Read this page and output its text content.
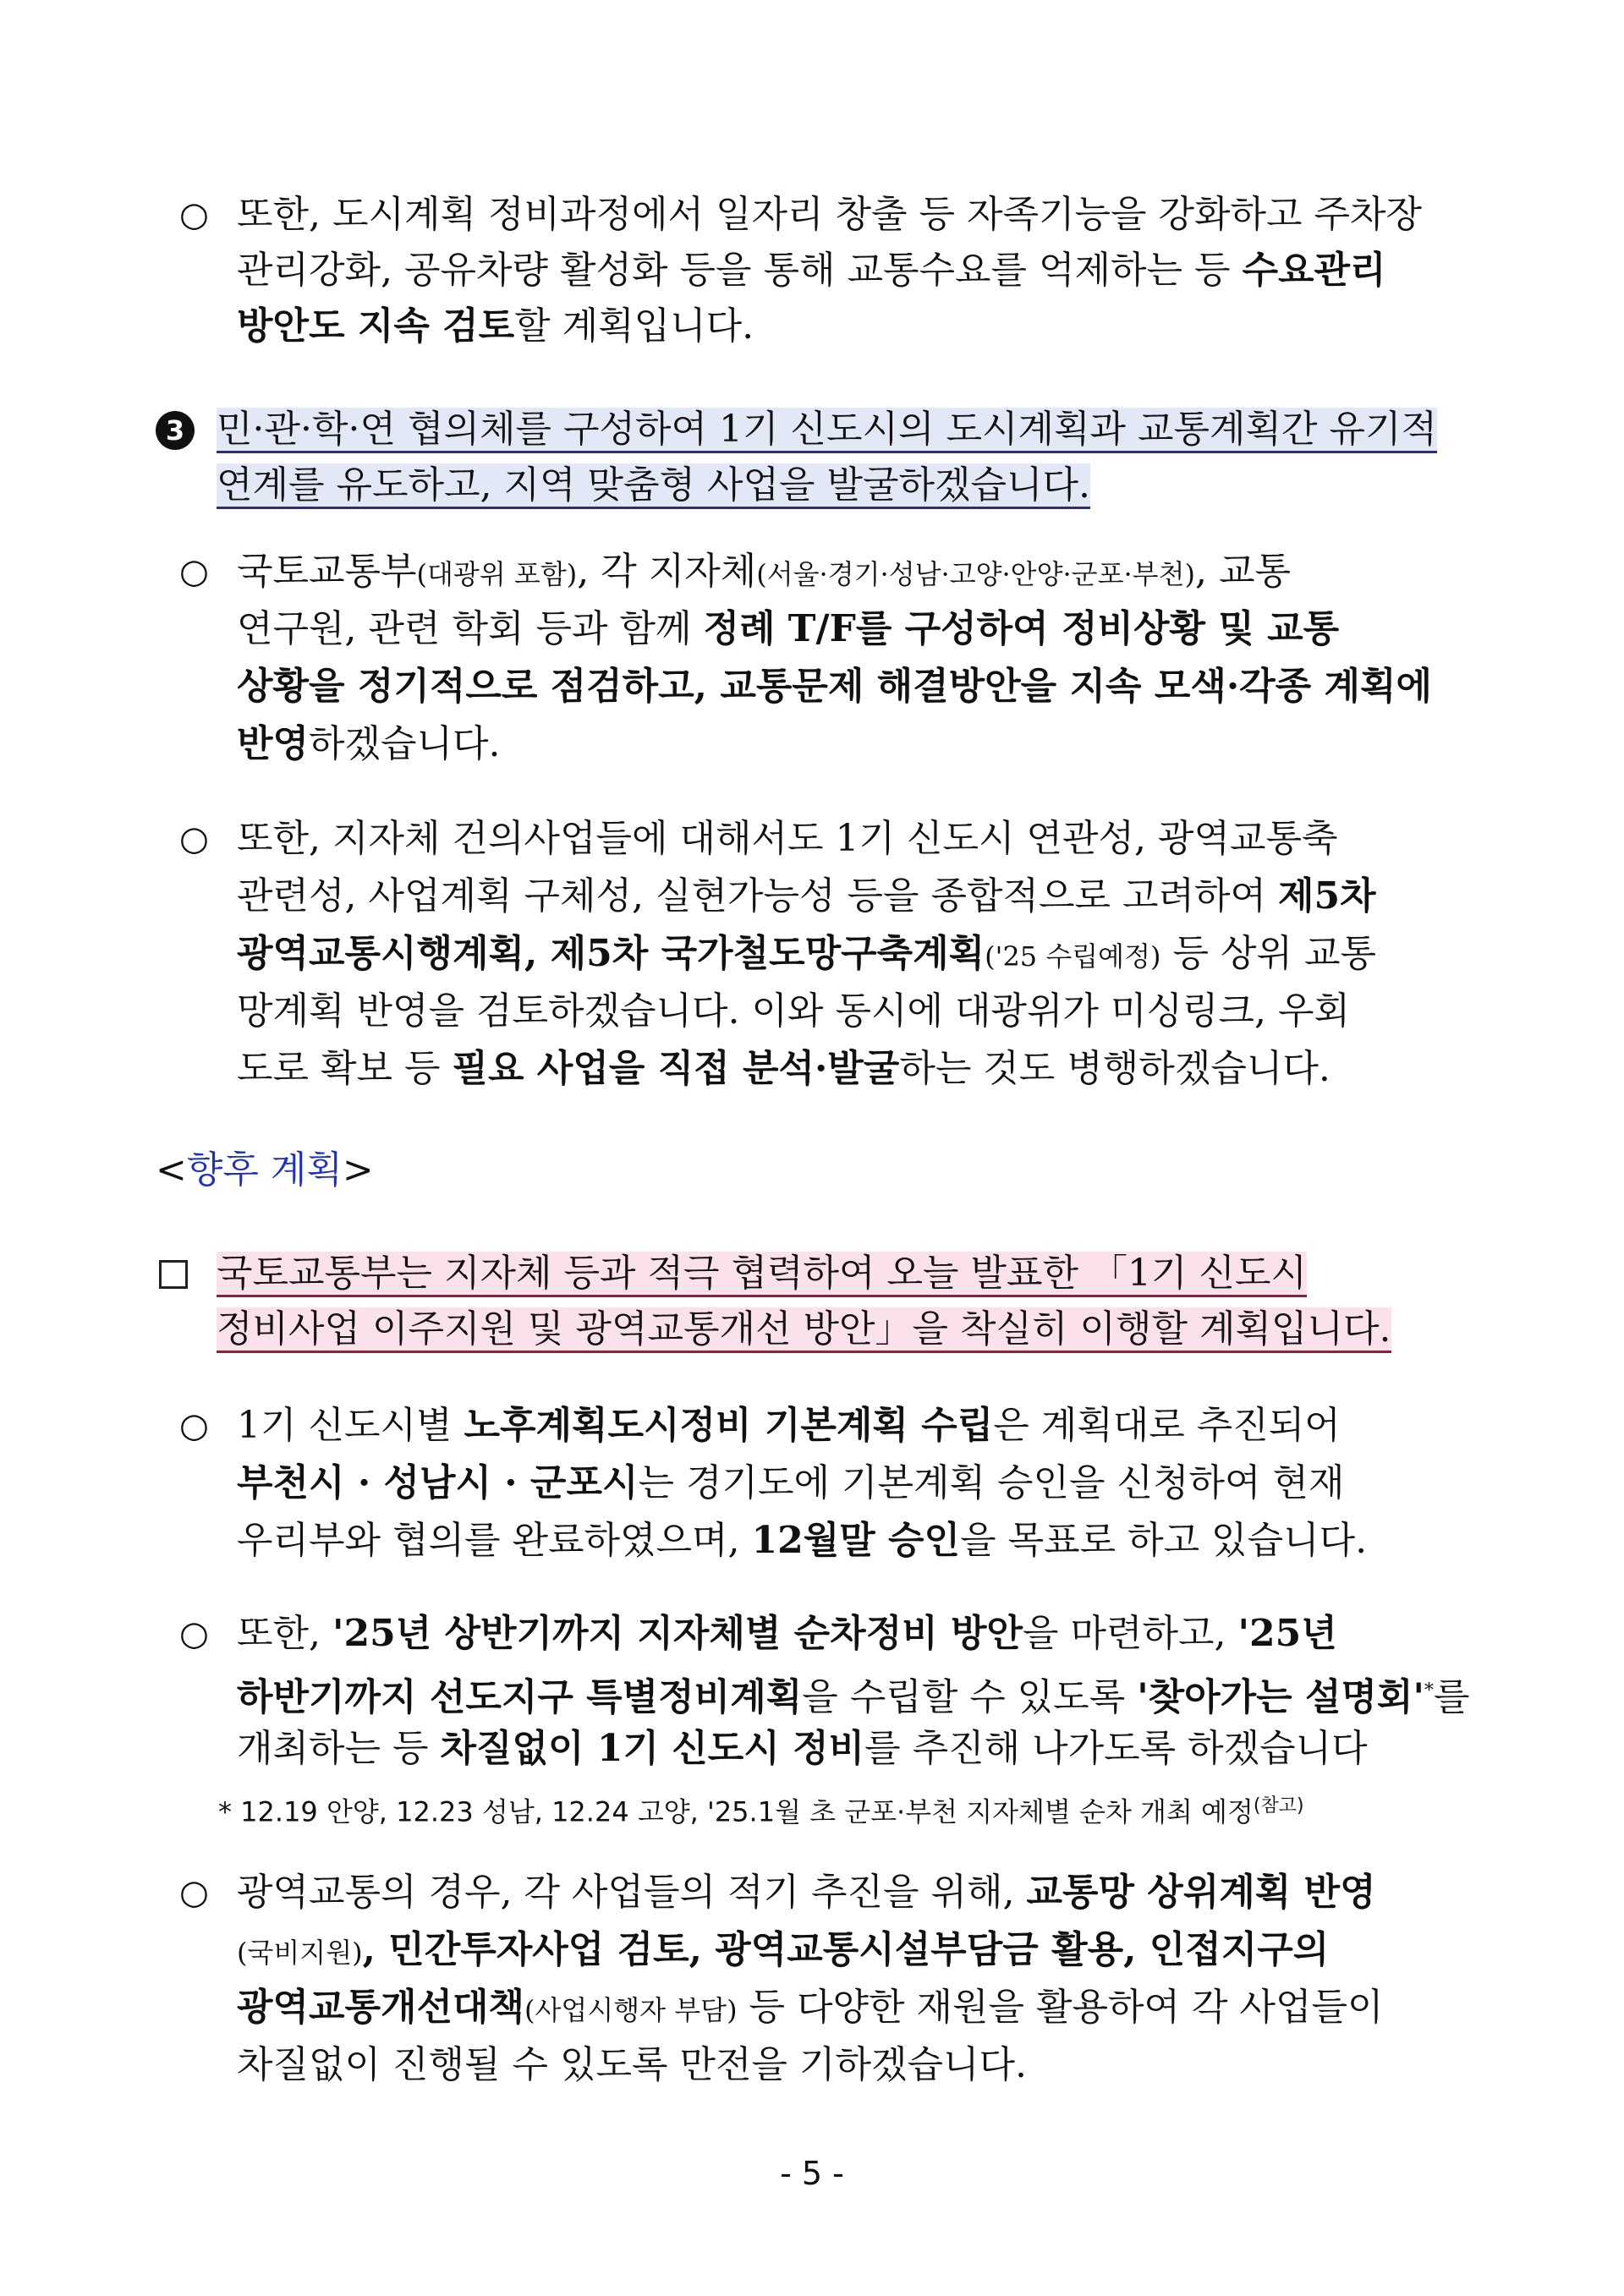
○ 또한, 도시계획 정비과정에서 일자리 창출 등 자족기능을 강화하고 주차장
관리강화, 공유차량 활성화 등을 통해 교통수요를 억제하는 등 수요관리
방안도 지속 검토할 계획입니다.
3 민·관·학·연 협의체를 구성하여 1기 신도시의 도시계획과 교통계획간 유기적
연계를 유도하고, 지역 맞춤형 사업을 발굴하겠습니다.
○ 국토교통부(대광위 포함), 각 지자체(서울·경기·성남·고양·안양·군포·부천), 교통
연구원, 관련 학회 등과 함께 정례 T/F를 구성하여 정비상황 및 교통
상황을 정기적으로 점검하고, 교통문제 해결방안을 지속 모색·각종 계획에
반영하겠습니다.
○ 또한, 지자체 건의사업들에 대해서도 1기 신도시 연관성, 광역교통축
관련성, 사업계획 구체성, 실현가능성 등을 종합적으로 고려하여 제5차
광역교통시행계획, 제5차 국가철도망구축계획('25 수립예정) 등 상위 교통
망계획 반영을 검토하겠습니다. 이와 동시에 대광위가 미싱링크, 우회
도로 확보 등 필요 사업을 직접 분석·발굴하는 것도 병행하겠습니다.
<향후 계획>
국토교통부는 지자체 등과 적극 협력하여 오늘 발표한 「1기 신도시
정비사업 이주지원 및 광역교통개선 방안」을 착실히 이행할 계획입니다.
○ 1기 신도시별 노후계획도시정비 기본계획 수립은 계획대로 추진되어
부천시 · 성남시 · 군포시는 경기도에 기본계획 승인을 신청하여 현재
우리부와 협의를 완료하였으며, 12월말 승인을 목표로 하고 있습니다.
○ 또한, '25년 상반기까지 지자체별 순차정비 방안을 마련하고, '25년
하반기까지 선도지구 특별정비계획을 수립할 수 있도록 '찾아가는 설명회'*를
개최하는 등 차질없이 1기 신도시 정비를 추진해 나가도록 하겠습니다
* 12.19 안양, 12.23 성남, 12.24 고양, '25.1월 초 군포·부천 지자체별 순차 개최 예정$^{(참고)}$
○ 광역교통의 경우, 각 사업들의 적기 추진을 위해, 교통망 상위계획 반영
(국비지원), 민간투자사업 검토, 광역교통시설부담금 활용, 인접지구의
광역교통개선대책(사업시행자 부담) 등 다양한 재원을 활용하여 각 사업들이
차질없이 진행될 수 있도록 만전을 기하겠습니다.
- 5 -
